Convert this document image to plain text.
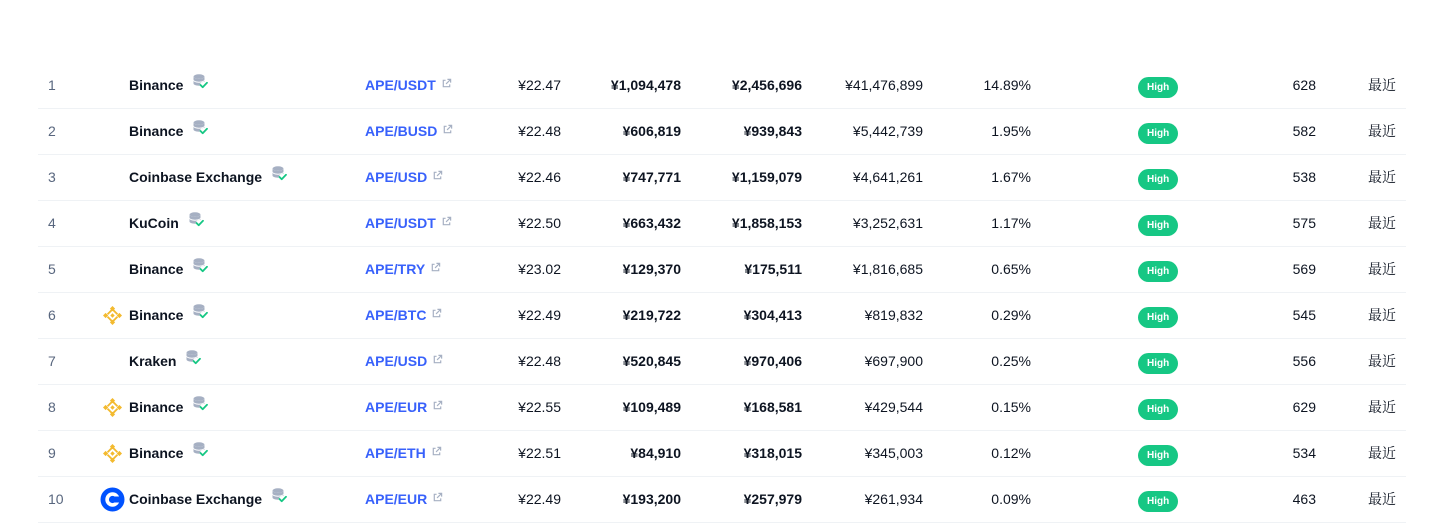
1	Binance	APE/USDT	¥22.47	¥1,094,478	¥2,456,696	¥41,476,899	14.89%	High	628	最近
2	Binance	APE/BUSD	¥22.48	¥606,819	¥939,843	¥5,442,739	1.95%	High	582	最近
3	Coinbase Exchange	APE/USD	¥22.46	¥747,771	¥1,159,079	¥4,641,261	1.67%	High	538	最近
4	KuCoin	APE/USDT	¥22.50	¥663,432	¥1,858,153	¥3,252,631	1.17%	High	575	最近
5	Binance	APE/TRY	¥23.02	¥129,370	¥175,511	¥1,816,685	0.65%	High	569	最近
6	Binance	APE/BTC	¥22.49	¥219,722	¥304,413	¥819,832	0.29%	High	545	最近
7	Kraken	APE/USD	¥22.48	¥520,845	¥970,406	¥697,900	0.25%	High	556	最近
8	Binance	APE/EUR	¥22.55	¥109,489	¥168,581	¥429,544	0.15%	High	629	最近
9	Binance	APE/ETH	¥22.51	¥84,910	¥318,015	¥345,003	0.12%	High	534	最近
10	Coinbase Exchange	APE/EUR	¥22.49	¥193,200	¥257,979	¥261,934	0.09%	High	463	最近
